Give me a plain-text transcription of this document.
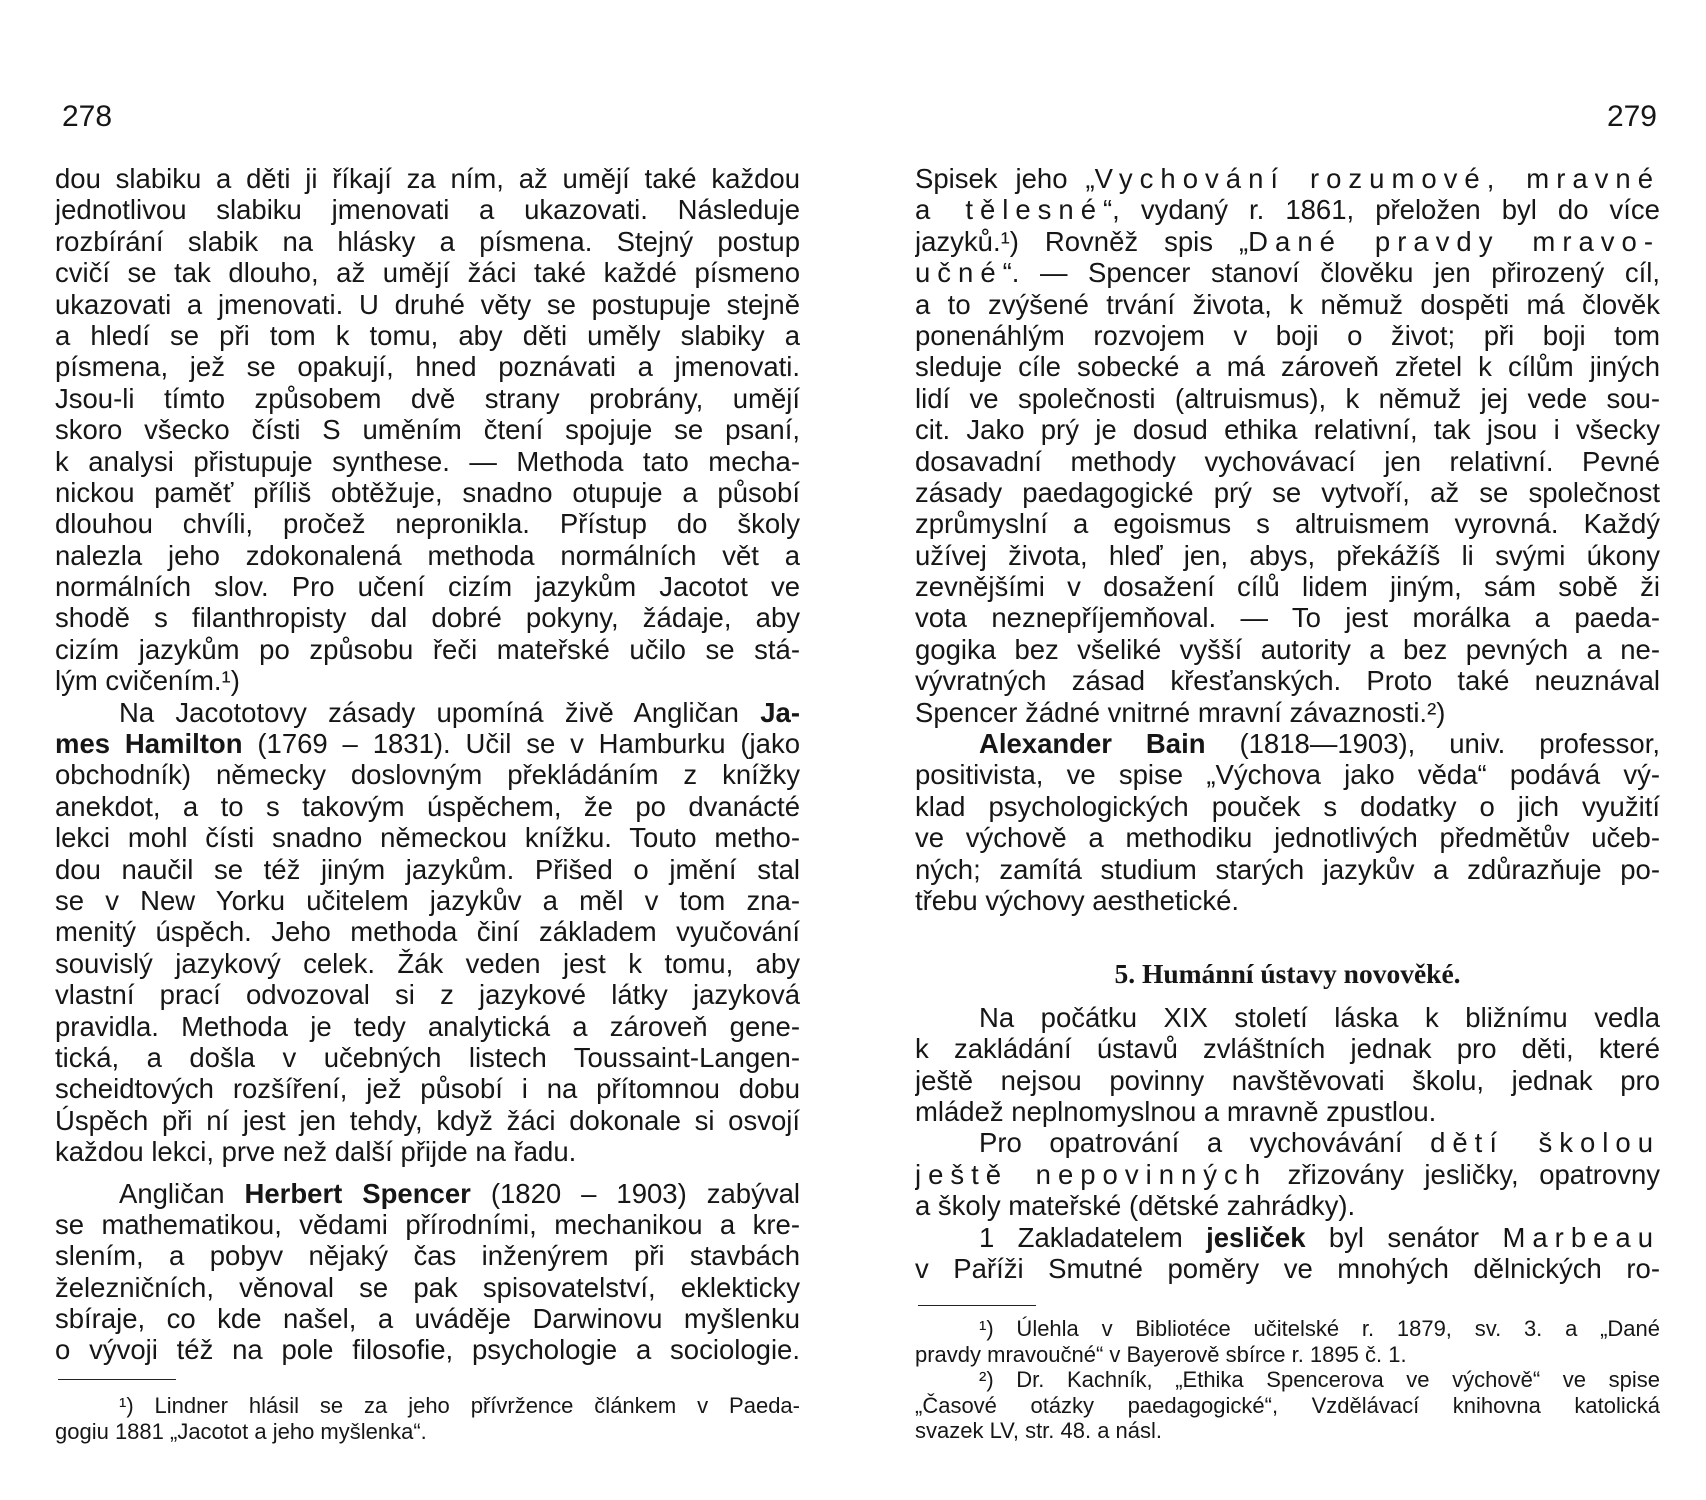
278
dou slabiku a děti ji říkají za ním, až umějí také každou
jednotlivou slabiku jmenovati a ukazovati. Následuje
rozbírání slabik na hlásky a písmena. Stejný postup
cvičí se tak dlouho, až umějí žáci také každé písmeno
ukazovati a jmenovati. U druhé věty se postupuje stejně
a hledí se při tom k tomu, aby děti uměly slabiky a
písmena, jež se opakují, hned poznávati a jmenovati.
Jsou-li tímto způsobem dvě strany probrány, umějí
skoro všecko čísti S uměním čtení spojuje se psaní,
k analysi přistupuje synthese. — Methoda tato mecha-
nickou paměť příliš obtěžuje, snadno otupuje a působí
dlouhou chvíli, pročež nepronikla. Přístup do školy
nalezla jeho zdokonalená methoda normálních vět a
normálních slov. Pro učení cizím jazykům Jacotot ve
shodě s filanthropisty dal dobré pokyny, žádaje, aby
cizím jazykům po způsobu řeči mateřské učilo se stá-
lým cvičením.¹)
Na Jacototovy zásady upomíná živě Angličan Ja-
mes Hamilton (1769 – 1831). Učil se v Hamburku (jako
obchodník) německy doslovným překládáním z knížky
anekdot, a to s takovým úspěchem, že po dvanácté
lekci mohl čísti snadno německou knížku. Touto metho-
dou naučil se též jiným jazykům. Přišed o jmění stal
se v New Yorku učitelem jazykův a měl v tom zna-
menitý úspěch. Jeho methoda činí základem vyučování
souvislý jazykový celek. Žák veden jest k tomu, aby
vlastní prací odvozoval si z jazykové látky jazyková
pravidla. Methoda je tedy analytická a zároveň gene-
tická, a došla v učebných listech Toussaint-Langen-
scheidtových rozšíření, jež působí i na přítomnou dobu
Úspěch při ní jest jen tehdy, když žáci dokonale si osvojí
každou lekci, prve než další přijde na řadu.
Angličan Herbert Spencer (1820 – 1903) zabýval
se mathematikou, vědami přírodními, mechanikou a kre-
slením, a pobyv nějaký čas inženýrem při stavbách
železničních, věnoval se pak spisovatelství, eklekticky
sbíraje, co kde našel, a uváděje Darwinovu myšlenku
o vývoji též na pole filosofie, psychologie a sociologie.
¹) Lindner hlásil se za jeho přívržence článkem v Paeda-
gogiu 1881 „Jacotot a jeho myšlenka“.
279
Spisek jeho „Vychování rozumové, mravné
a tělesné“, vydaný r. 1861, přeložen byl do více
jazyků.¹) Rovněž spis „Dané pravdy mravo-
učné“. — Spencer stanoví člověku jen přirozený cíl,
a to zvýšené trvání života, k němuž dospěti má člověk
ponenáhlým rozvojem v boji o život; při boji tom
sleduje cíle sobecké a má zároveň zřetel k cílům jiných
lidí ve společnosti (altruismus), k němuž jej vede sou-
cit. Jako prý je dosud ethika relativní, tak jsou i všecky
dosavadní methody vychovávací jen relativní. Pevné
zásady paedagogické prý se vytvoří, až se společnost
zprůmyslní a egoismus s altruismem vyrovná. Každý
užívej života, hleď jen, abys, překážíš li svými úkony
zevnějšími v dosažení cílů lidem jiným, sám sobě ži
vota neznepříjemňoval. — To jest morálka a paeda-
gogika bez všeliké vyšší autority a bez pevných a ne-
vývratných zásad křesťanských. Proto také neuznával
Spencer žádné vnitrné mravní závaznosti.²)
Alexander Bain (1818—1903), univ. professor,
positivista, ve spise „Výchova jako věda“ podává vý-
klad psychologických pouček s dodatky o jich využití
ve výchově a methodiku jednotlivých předmětův učeb-
ných; zamítá studium starých jazykův a zdůrazňuje po-
třebu výchovy aesthetické.
5. Humánní ústavy novověké.
Na počátku XIX století láska k bližnímu vedla
k zakládání ústavů zvláštních jednak pro děti, které
ještě nejsou povinny navštěvovati školu, jednak pro
mládež neplnomyslnou a mravně zpustlou.
Pro opatrování a vychovávání dětí školou
ještě nepovinných zřizovány jesličky, opatrovny
a školy mateřské (dětské zahrádky).
1 Zakladatelem jesliček byl senátor Marbeau
v Paříži Smutné poměry ve mnohých dělnických ro-
¹) Úlehla v Bibliotéce učitelské r. 1879, sv. 3. a „Dané
pravdy mravoučné“ v Bayerově sbírce r. 1895 č. 1.
²) Dr. Kachník, „Ethika Spencerova ve výchově“ ve spise
„Časové otázky paedagogické“, Vzdělávací knihovna katolická
svazek LV, str. 48. a násl.
